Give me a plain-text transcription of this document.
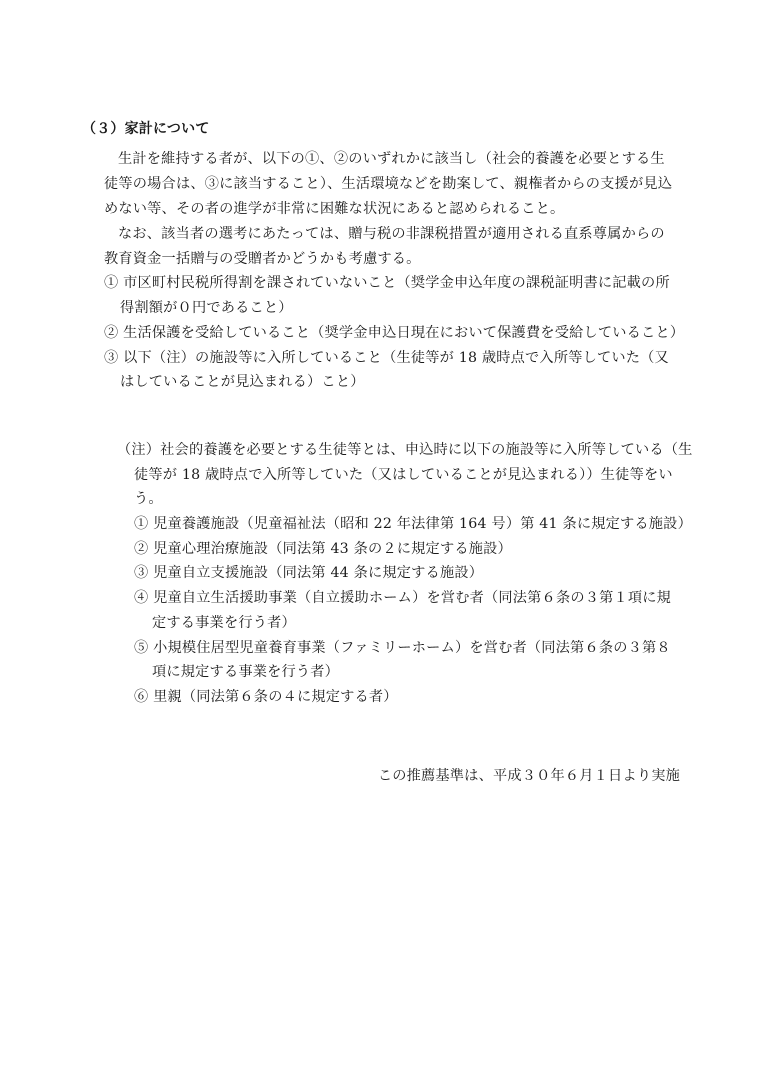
（３）家計について
生計を維持する者が、以下の①、②のいずれかに該当し（社会的養護を必要とする生
徒等の場合は、③に該当すること）、生活環境などを勘案して、親権者からの支援が見込
めない等、その者の進学が非常に困難な状況にあると認められること。
なお、該当者の選考にあたっては、贈与税の非課税措置が適用される直系尊属からの
教育資金一括贈与の受贈者かどうかも考慮する。
① 市区町村民税所得割を課されていないこと（奨学金申込年度の課税証明書に記載の所
得割額が０円であること）
② 生活保護を受給していること（奨学金申込日現在において保護費を受給していること）
③ 以下（注）の施設等に入所していること（生徒等が 18 歳時点で入所等していた（又
はしていることが見込まれる）こと）
（注）社会的養護を必要とする生徒等とは、申込時に以下の施設等に入所等している（生
徒等が 18 歳時点で入所等していた（又はしていることが見込まれる））生徒等をい
う。
① 児童養護施設（児童福祉法（昭和 22 年法律第 164 号）第 41 条に規定する施設）
② 児童心理治療施設（同法第 43 条の２に規定する施設）
③ 児童自立支援施設（同法第 44 条に規定する施設）
④ 児童自立生活援助事業（自立援助ホーム）を営む者（同法第６条の３第１項に規
定する事業を行う者）
⑤ 小規模住居型児童養育事業（ファミリーホーム）を営む者（同法第６条の３第８
項に規定する事業を行う者）
⑥ 里親（同法第６条の４に規定する者）
この推薦基準は、平成３０年６月１日より実施
